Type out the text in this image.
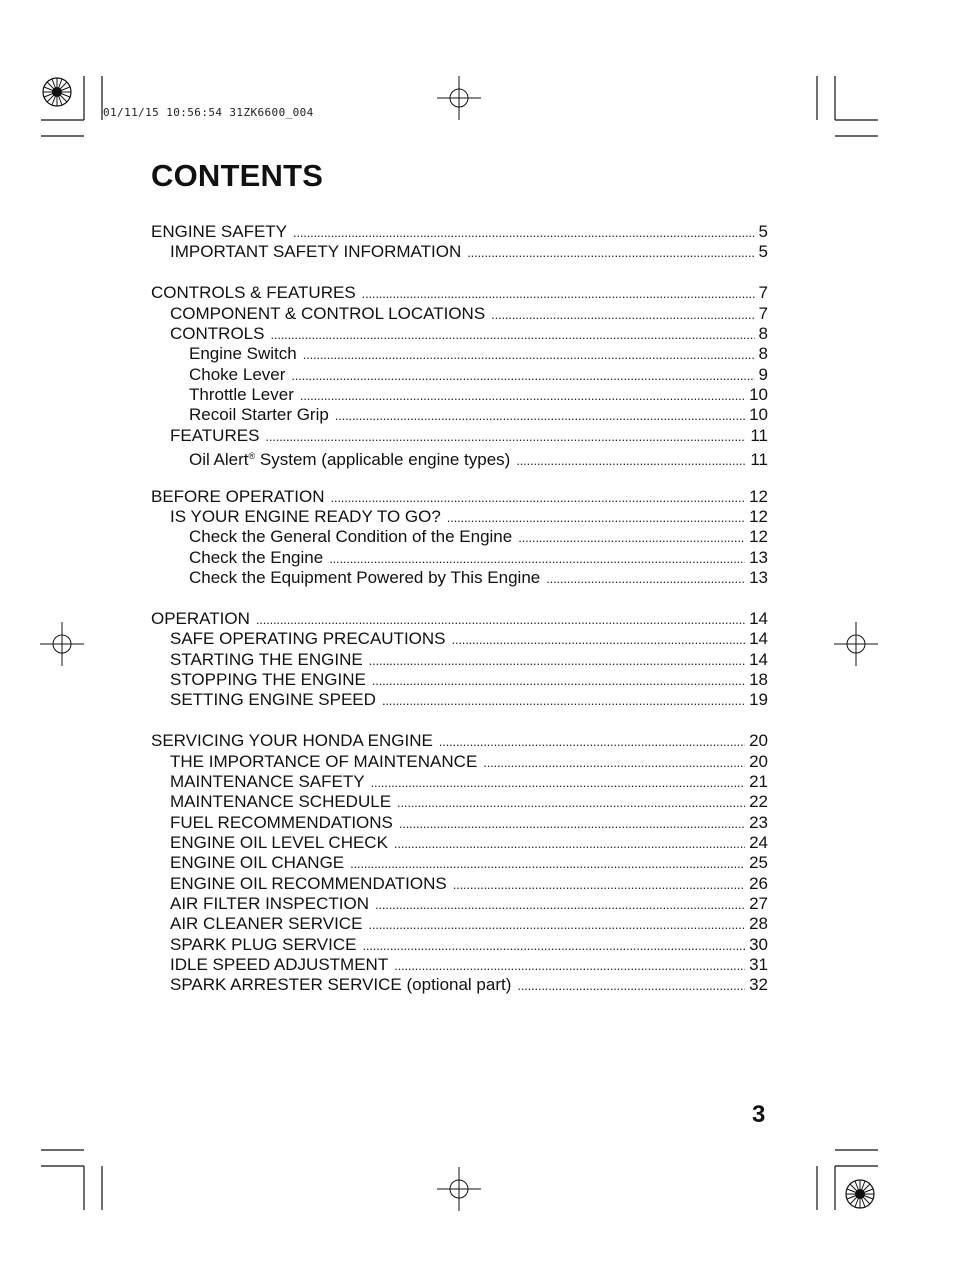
01/11/15 10:56:54 31ZK6600_004
CONTENTS
ENGINE SAFETY . . .	5
IMPORTANT SAFETY INFORMATION . . .	5
CONTROLS & FEATURES . . .	7
COMPONENT & CONTROL LOCATIONS . . .	7
CONTROLS . . .	8
Engine Switch . . .	8
Choke Lever . . .	9
Throttle Lever . . .	10
Recoil Starter Grip . . .	10
FEATURES . . .	11
Oil Alert® System (applicable engine types) . . .	11
BEFORE OPERATION . . .	12
IS YOUR ENGINE READY TO GO? . . .	12
Check the General Condition of the Engine . . .	12
Check the Engine . . .	13
Check the Equipment Powered by This Engine . . .	13
OPERATION . . .	14
SAFE OPERATING PRECAUTIONS . . .	14
STARTING THE ENGINE . . .	14
STOPPING THE ENGINE . . .	18
SETTING ENGINE SPEED . . .	19
SERVICING YOUR HONDA ENGINE . . .	20
THE IMPORTANCE OF MAINTENANCE . . .	20
MAINTENANCE SAFETY . . .	21
MAINTENANCE SCHEDULE . . .	22
FUEL RECOMMENDATIONS . . .	23
ENGINE OIL LEVEL CHECK . . .	24
ENGINE OIL CHANGE . . .	25
ENGINE OIL RECOMMENDATIONS . . .	26
AIR FILTER INSPECTION . . .	27
AIR CLEANER SERVICE . . .	28
SPARK PLUG SERVICE . . .	30
IDLE SPEED ADJUSTMENT . . .	31
SPARK ARRESTER SERVICE (optional part) . . .	32
3
